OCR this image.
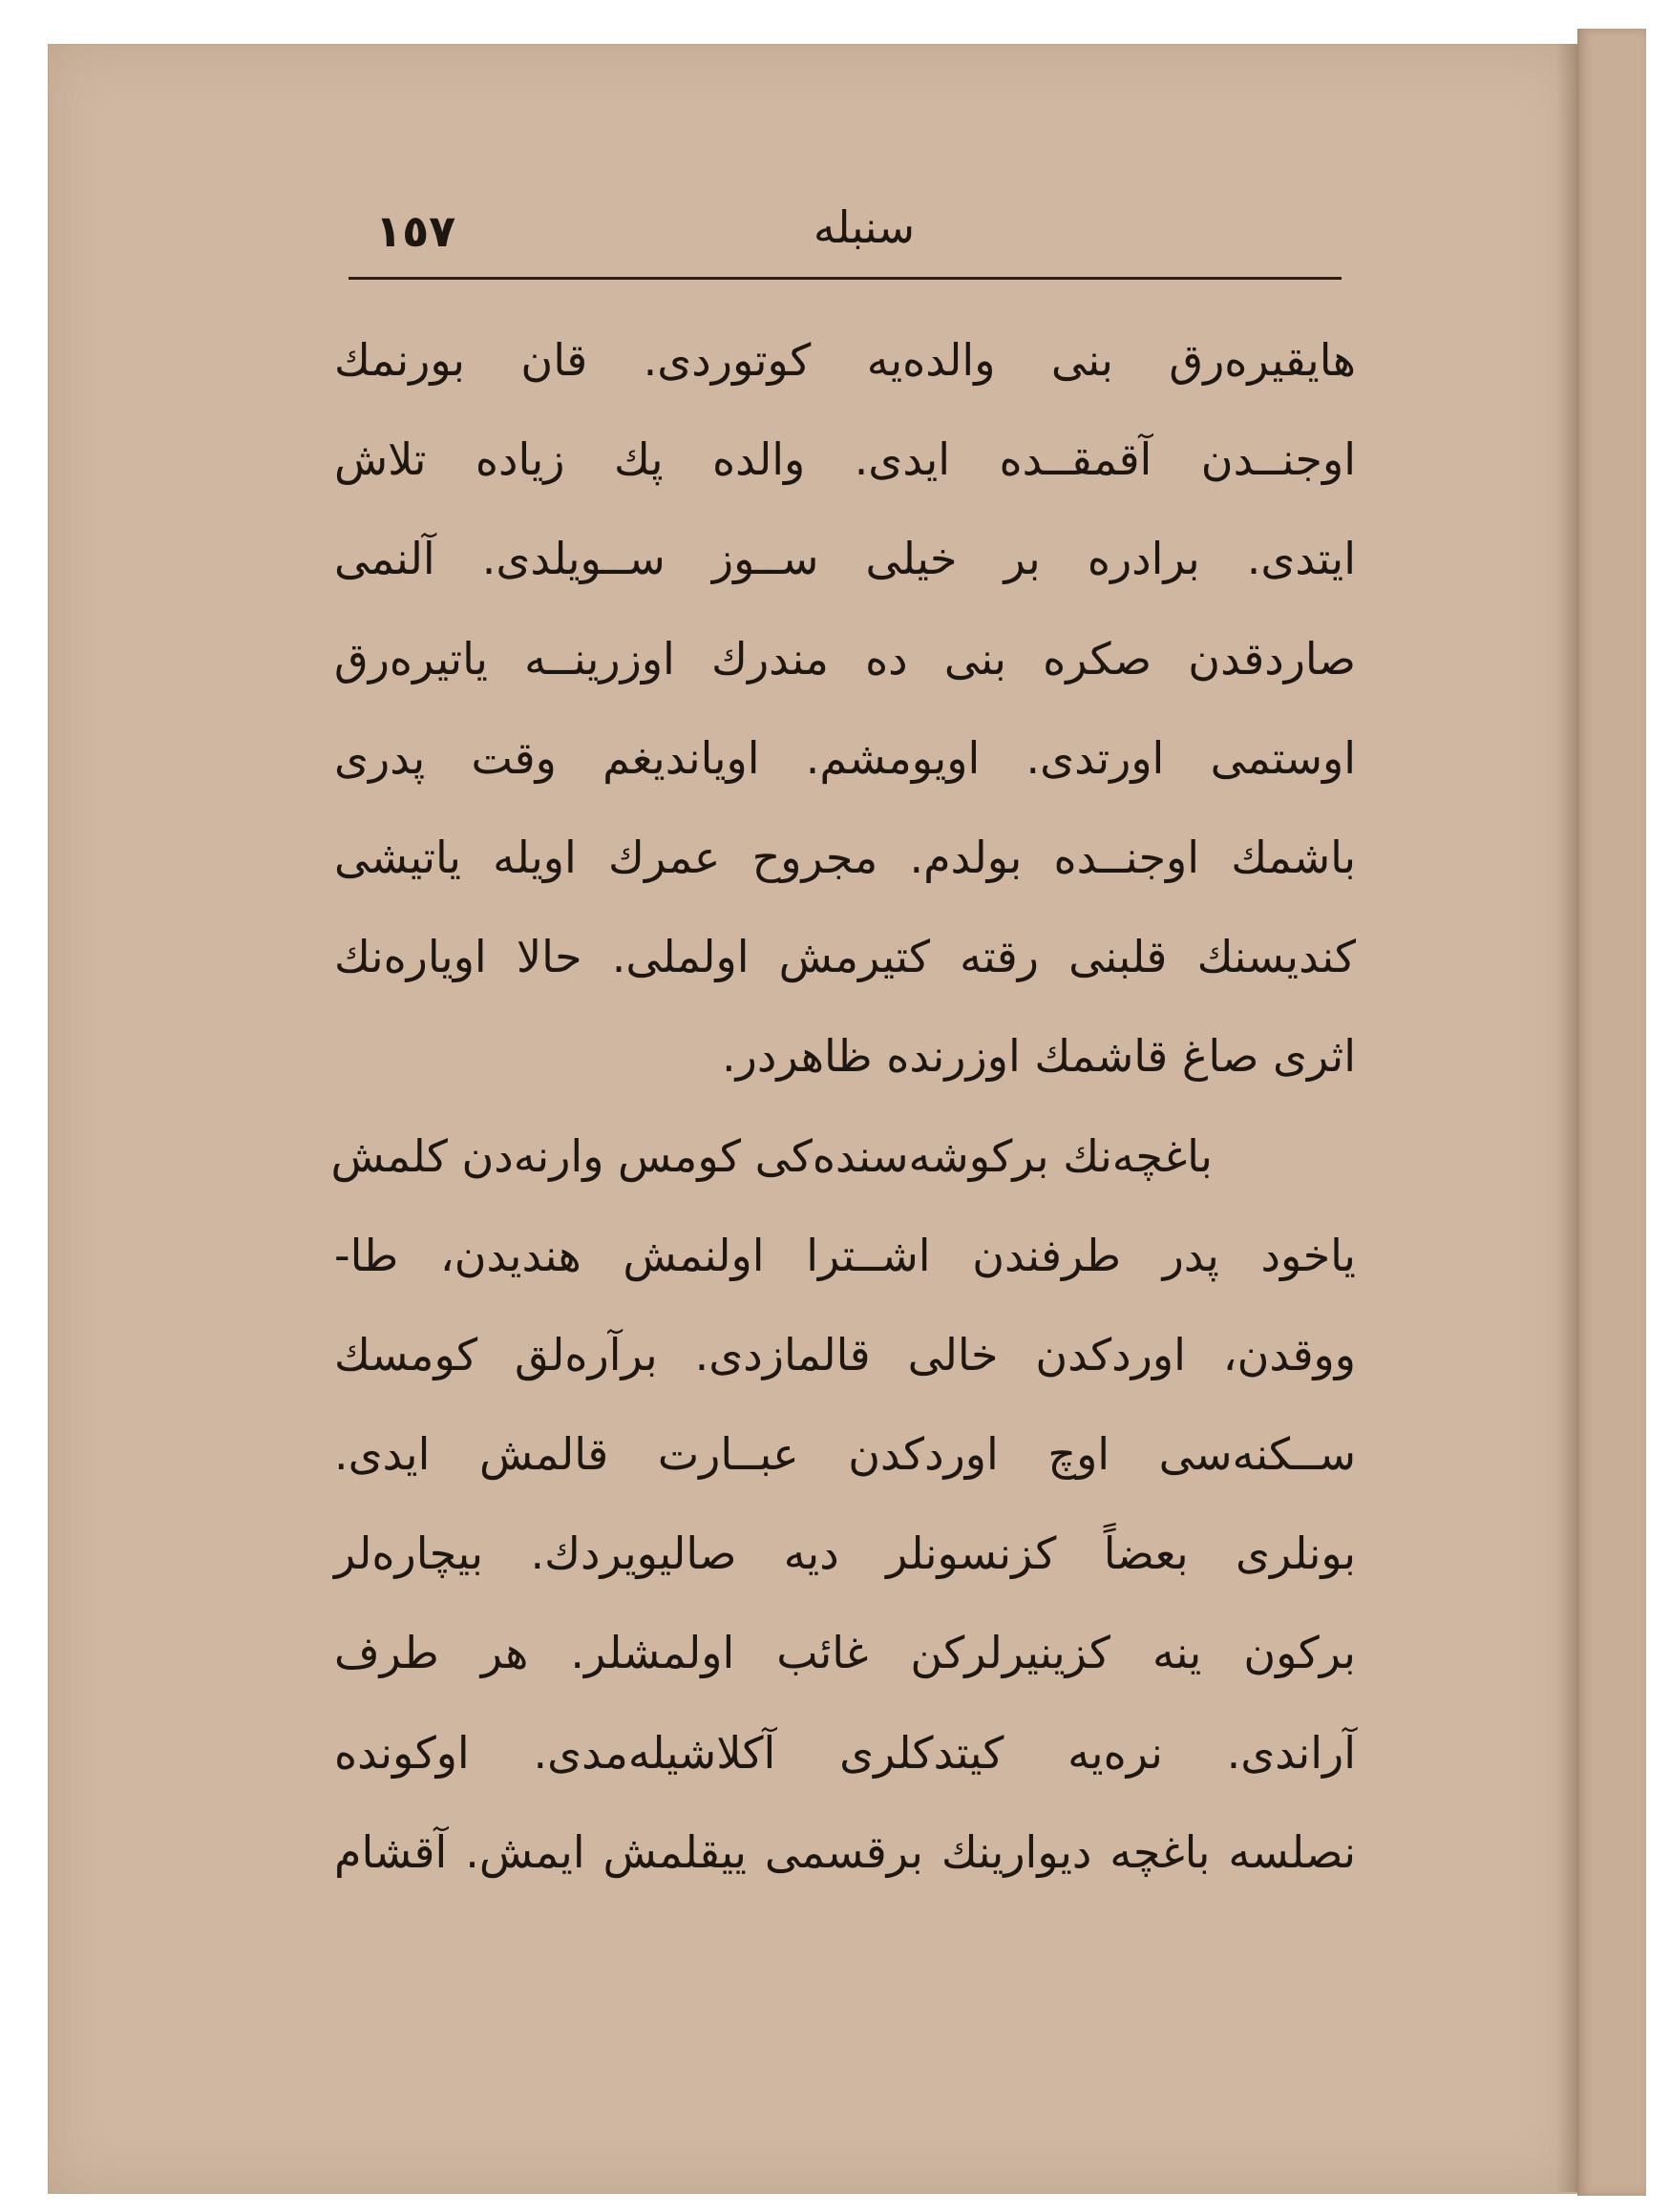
١٥٧	سنبله
هایقیره‌رق بنی والده‌یه کوتوردی. قان بورنمك
اوجنــدن آقمقــده ایدی. والده پك زیاده تلاش
ایتدی. برادره بر خیلی ســوز ســویلدی. آلنمی
صاردقدن صكره بنی ده مندرك اوزرینــه یاتیره‌رق
اوستمی اورتدی. اویومشم. اویاندیغم وقت پدری
باشمك اوجنــده بولدم. مجروح عمرك اویله یاتیشی
كندیسنك قلبنی رقته كتیرمش اولملی. حالا اویاره‌نك
اثری صاغ قاشمك اوزرنده ظاهردر.
باغچه‌نك بركوشه‌سنده‌كی كومس وارنه‌دن كلمش
یاخود پدر طرفندن اشــترا اولنمش هندیدن، طا-
ووقدن، اوردكدن خالی قالمازدی. برآره‌لق كومسك
ســكنه‌سی اوچ اوردكدن عبــارت قالمش ایدی.
بونلری بعضاً كزنسونلر دیه صالیویردك. بیچاره‌لر
بركون ینه كزینیرلركن غائب اولمشلر. هر طرف
آراندی. نره‌یه كیتدكلری آكلاشیله‌مدی. اوكونده
نصلسه باغچه دیوارینك برقسمی ییقلمش ایمش. آقشام
